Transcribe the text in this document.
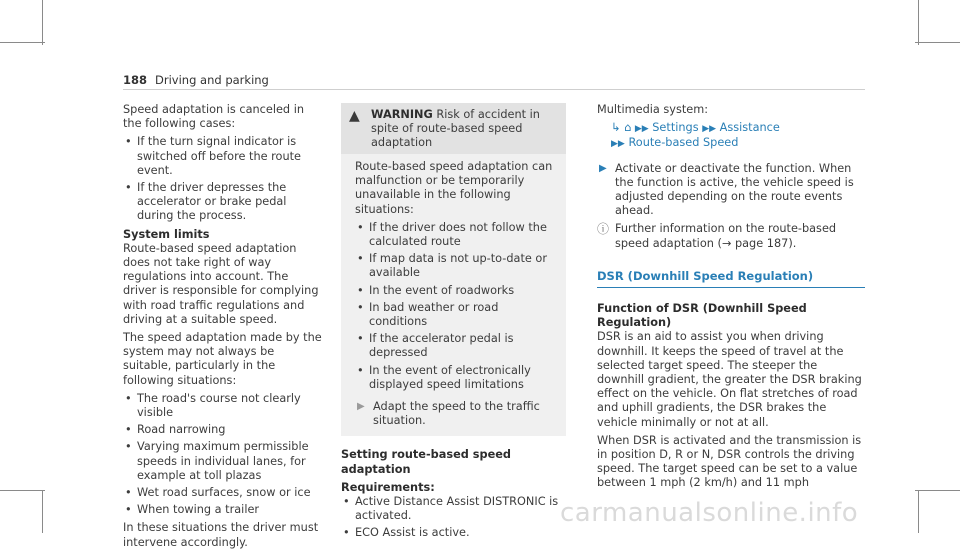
188 Driving and parking

Speed adaptation is canceled in the following cases:

• If the turn signal indicator is switched off before the route event.
• If the driver depresses the accelerator or brake pedal during the process.
System limits

Route-based speed adaptation does not take right of way regulations into account. The driver is responsible for complying with road traffic regulations and driving at a suitable speed.

The speed adaptation made by the system may not always be suitable, particularly in the following situations:

• The road's course not clearly visible
• Road narrowing
• Varying maximum permissible speeds in individual lanes, for example at toll plazas
• Wet road surfaces, snow or ice
• When towing a trailer

In these situations the driver must intervene accordingly.

▲ WARNING Risk of accident in spite of route-based speed adaptation

Route-based speed adaptation can malfunction or be temporarily unavailable in the following situations:

• If the driver does not follow the calculated route
• If map data is not up-to-date or available
• In the event of roadworks
• In bad weather or road conditions
• If the accelerator pedal is depressed
• In the event of electronically displayed speed limitations
▶ Adapt the speed to the traffic situation.
Setting route-based speed adaptation
Requirements:
• Active Distance Assist DISTRONIC is activated.
• ECO Assist is active.

Multimedia system:

↳ ⌂ ▶▶ Settings ▶▶ Assistance
▶▶ Route-based Speed
▶ Activate or deactivate the function. When the function is active, the vehicle speed is adjusted depending on the route events ahead.
ⓘ Further information on the route-based speed adaptation (→ page 187).
DSR (Downhill Speed Regulation)
Function of DSR (Downhill Speed Regulation)

DSR is an aid to assist you when driving downhill. It keeps the speed of travel at the selected target speed. The steeper the downhill gradient, the greater the DSR braking effect on the vehicle. On flat stretches of road and uphill gradients, the DSR brakes the vehicle minimally or not at all.

When DSR is activated and the transmission is in position D, R or N, DSR controls the driving speed. The target speed can be set to a value between 1 mph (2 km/h) and 11 mph

carmanualsonline.info
